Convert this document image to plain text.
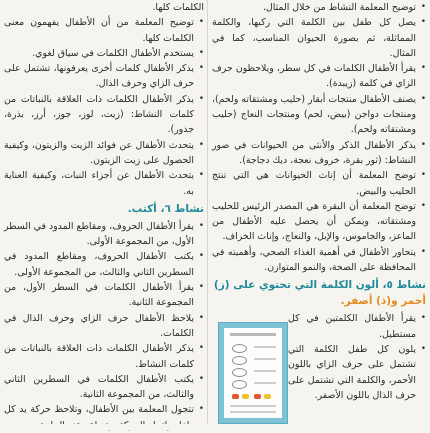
• توضيح المعلمة النشاط من خلال المثال.
• يصل كل طفل بين الكلمة التي ركبها، والكلمة المماثلة، ثم بصورة الحيوان المناسب، كما في المثال.
• يقرأ الأطفال الكلمات في كل سطر، ويلاحظون حرف الزاي في كلمة (زيبدة).
• يصنف الأطفال منتجات أبقار (حليب ومشتقاته ولحم)، ومنتجات دواجن (بيض، لحم) ومنتجات النعاج (حليب ومشتقاته ولحم).
• يذكر الأطفال الذكر والأنثى من الحيوانات في صور النشاط: (ثور بقرة، خروف نعجة، ديك دجاجة).
• توضح المعلمة أن إناث الحيوانات هي التي تنتج الحليب والبيض.
• توضح المعلمة أن البقرة هي المصدر الرئيس للحليب ومشتقاته، ويمكن أن يحصل عليه الأطفال من الماعز، والجاموس، والإبل، والنعاج، وإناث الخراف.
• يتحاور الأطفال في أهمية الغذاء الصحي، وأهميته في المحافظة على الصحة، والنمو المتوازن.
نشاط ٥، ألون الكلمة التي تحتوي على (ز) أحمر و(ذ) أصفر.
• يقرأ الأطفال الكلمتين في كل مستطيل.
• يلون كل طفل الكلمة التي تشتمل على حرف الزاي باللون الأحمر، والكلمة التي تشتمل على حرف الذال باللون الأصفر.
الكلمات كلها.
• توضيح المعلمة من أن الأطفال يفهمون معنى الكلمات كلها.
• يستخدم الأطفال الكلمات في سياق لغوي.
• يذكر الأطفال كلمات أخرى يعرفونها، تشتمل على حرف الزاي وحرف الذال.
• يذكر الأطفال الكلمات ذات العلاقة بالنباتات من كلمات النشاط: (زيت، لوز، جوز، أرز، بذرة، جذور).
• يتحدث الأطفال عن فوائد الزيت والزيتون، وكيفية الحصول على زيت الزيتون.
• يتحدث الأطفال عن أجزاء النبات، وكيفية العناية به.
نشاط ٦، أكتب.
• يقرأ الأطفال الحروف، ومقاطع المدود في السطر الأول، من المجموعة الأولى.
• يكتب الأطفال الحروف، ومقاطع المدود في السطرين الثاني والثالث، من المجموعة الأولى.
• يقرأ الأطفال الكلمات في السطر الأول، من المجموعة الثانية.
• يلاحظ الأطفال حرف الزاي وحرف الذال في الكلمات.
• يذكر الأطفال الكلمات ذات العلاقة بالنباتات من كلمات النشاط.
• يكتب الأطفال الكلمات في السطرين الثاني والثالث، من المجموعة الثانية.
• تتجول المعلمة بين الأطفال، وتلاحظ حركة يد كل
